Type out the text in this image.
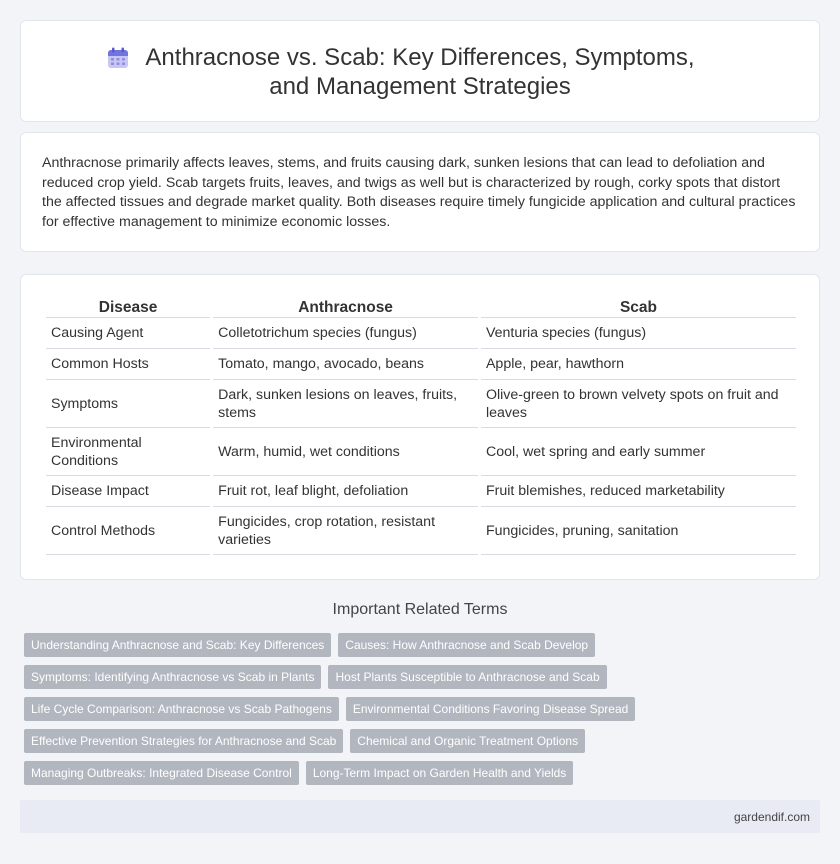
Anthracnose vs. Scab: Key Differences, Symptoms, and Management Strategies

Anthracnose primarily affects leaves, stems, and fruits causing dark, sunken lesions that can lead to defoliation and reduced crop yield. Scab targets fruits, leaves, and twigs as well but is characterized by rough, corky spots that distort the affected tissues and degrade market quality. Both diseases require timely fungicide application and cultural practices for effective management to minimize economic losses.

Disease	Anthracnose	Scab
Causing Agent	Colletotrichum species (fungus)	Venturia species (fungus)
Common Hosts	Tomato, mango, avocado, beans	Apple, pear, hawthorn
Symptoms	Dark, sunken lesions on leaves, fruits, stems	Olive-green to brown velvety spots on fruit and leaves
Environmental Conditions	Warm, humid, wet conditions	Cool, wet spring and early summer
Disease Impact	Fruit rot, leaf blight, defoliation	Fruit blemishes, reduced marketability
Control Methods	Fungicides, crop rotation, resistant varieties	Fungicides, pruning, sanitation
Important Related Terms
Understanding Anthracnose and Scab: Key Differences	Causes: How Anthracnose and Scab Develop
Symptoms: Identifying Anthracnose vs Scab in Plants	Host Plants Susceptible to Anthracnose and Scab
Life Cycle Comparison: Anthracnose vs Scab Pathogens	Environmental Conditions Favoring Disease Spread
Effective Prevention Strategies for Anthracnose and Scab	Chemical and Organic Treatment Options
Managing Outbreaks: Integrated Disease Control	Long-Term Impact on Garden Health and Yields
gardendif.com
